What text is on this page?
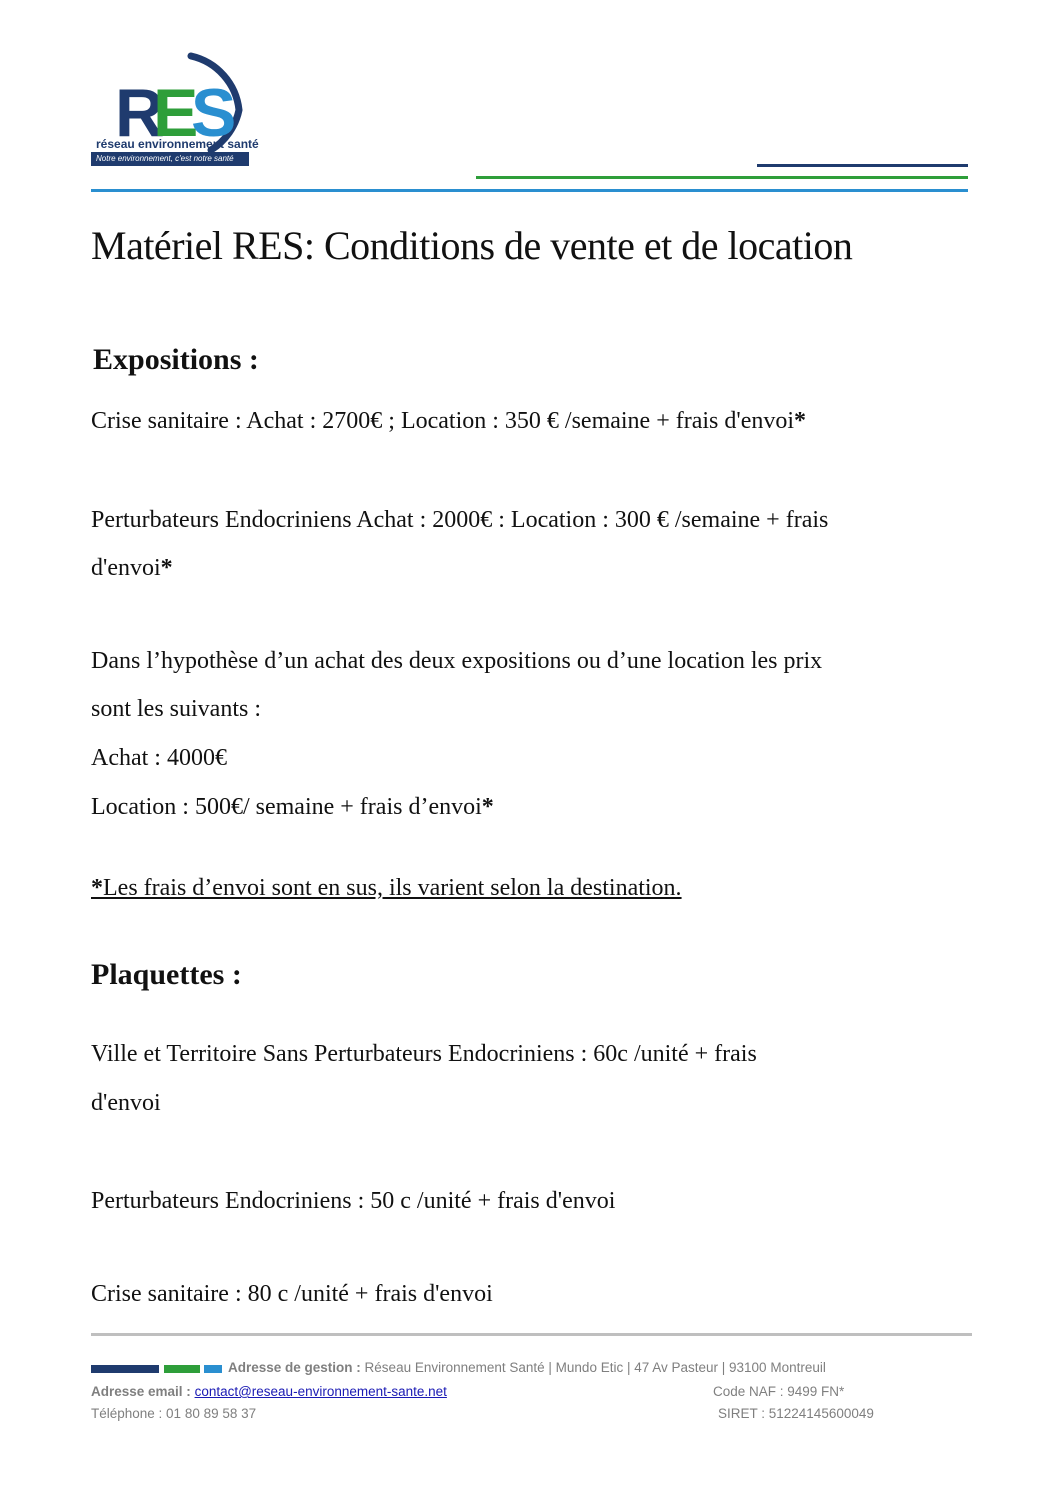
R
E
S
réseau environnement santé
Notre environnement, c'est notre santé
Matériel RES: Conditions de vente et de location
Expositions :
Crise sanitaire : Achat : 2700€ ; Location : 350 € /semaine + frais d'envoi*
Perturbateurs Endocriniens Achat : 2000€ : Location : 300 € /semaine + frais
d'envoi*
Dans l’hypothèse d’un achat des deux expositions ou d’une location les prix
sont les suivants :
Achat : 4000€
Location : 500€/ semaine + frais d’envoi*
*Les frais d’envoi sont en sus, ils varient selon la destination.
Plaquettes :
Ville et Territoire Sans Perturbateurs Endocriniens : 60c /unité + frais
d'envoi
Perturbateurs Endocriniens : 50 c /unité + frais d'envoi
Crise sanitaire : 80 c /unité + frais d'envoi
Adresse de gestion : Réseau Environnement Santé | Mundo Etic | 47 Av Pasteur | 93100 Montreuil
Adresse email : contact@reseau-environnement-sante.net	Code NAF : 9499 FN*
Téléphone : 01 80 89 58 37	SIRET : 51224145600049
